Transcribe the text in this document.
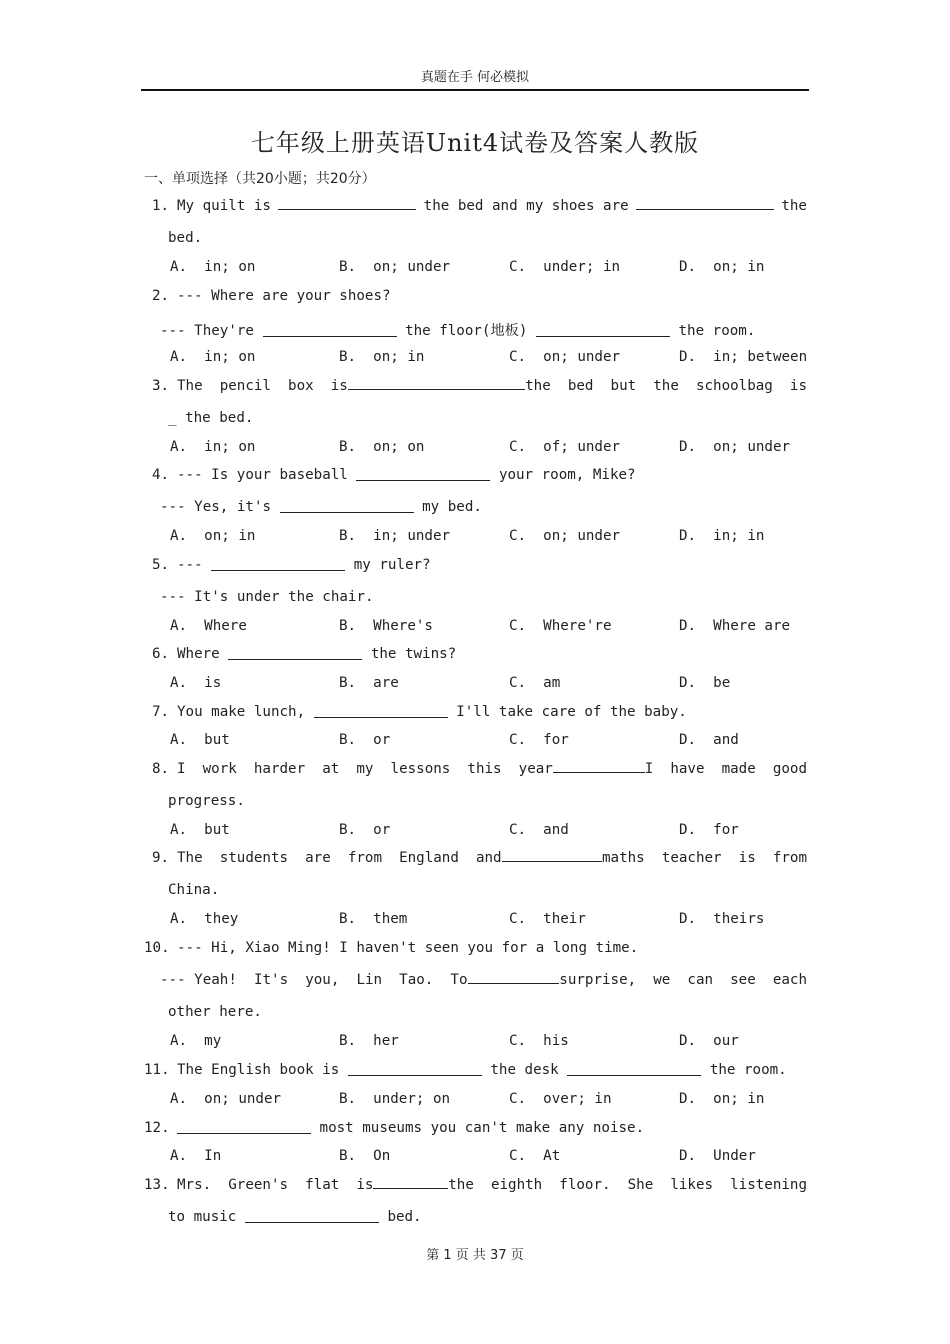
真题在手 何必模拟
七年级上册英语Unit4试卷及答案人教版
一、单项选择（共20小题；共20分）
1. My quilt is	the bed and my shoes are	the
bed.
A.  in; on	B.  on; under	C.  under; in	D.  on; in
2. --- Where are your shoes?
--- They're	the floor(地板)	the room.
A.  in; on	B.  on; in	C.  on; under	D.  in; between
3. The  pencil  box  is	the  bed  but  the  schoolbag  is
_ the bed.
A.  in; on	B.  on; on	C.  of; under	D.  on; under
4. --- Is your baseball	your room, Mike?
--- Yes, it's	my bed.
A.  on; in	B.  in; under	C.  on; under	D.  in; in
5. ---	my ruler?
--- It's under the chair.
A.  Where	B.  Where's	C.  Where're	D.  Where are
6. Where	the twins?
A.  is	B.  are	C.  am	D.  be
7. You make lunch,	I'll take care of the baby.
A.  but	B.  or	C.  for	D.  and
8. I  work  harder  at  my  lessons  this  year	I  have  made  good
progress.
A.  but	B.  or	C.  and	D.  for
9. The  students  are  from  England  and	maths  teacher  is  from
China.
A.  they	B.  them	C.  their	D.  theirs
10. --- Hi, Xiao Ming! I haven't seen you for a long time.
--- Yeah!  It's  you,  Lin  Tao.  To	surprise,  we  can  see  each
other here.
A.  my	B.  her	C.  his	D.  our
11. The English book is	the desk	the room.
A.  on; under	B.  under; on	C.  over; in	D.  on; in
12.	most museums you can't make any noise.
A.  In	B.  On	C.  At	D.  Under
13. Mrs.  Green's  flat  is	the  eighth  floor.  She  likes  listening
to music	bed.
第 1 页 共 37 页
